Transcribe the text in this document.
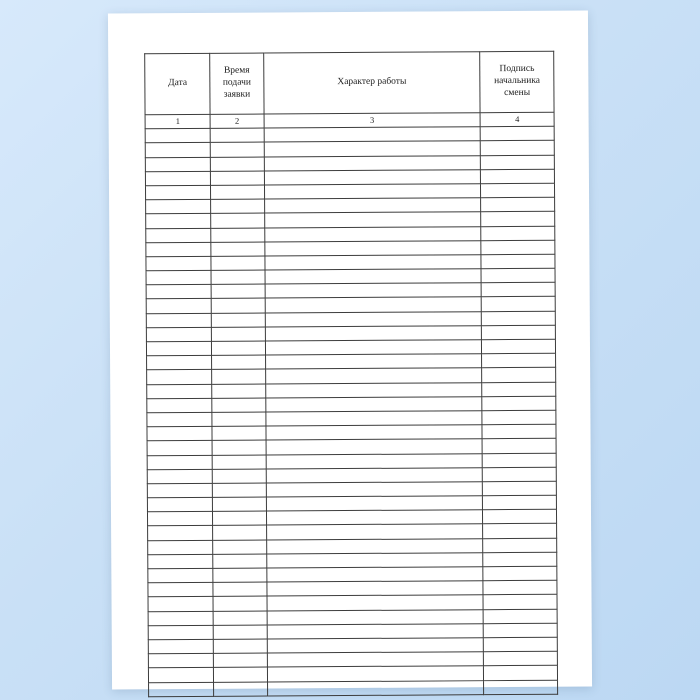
Дата	Время подачи заявки	Характер работы	Подпись начальника смены
1	2	3	4
